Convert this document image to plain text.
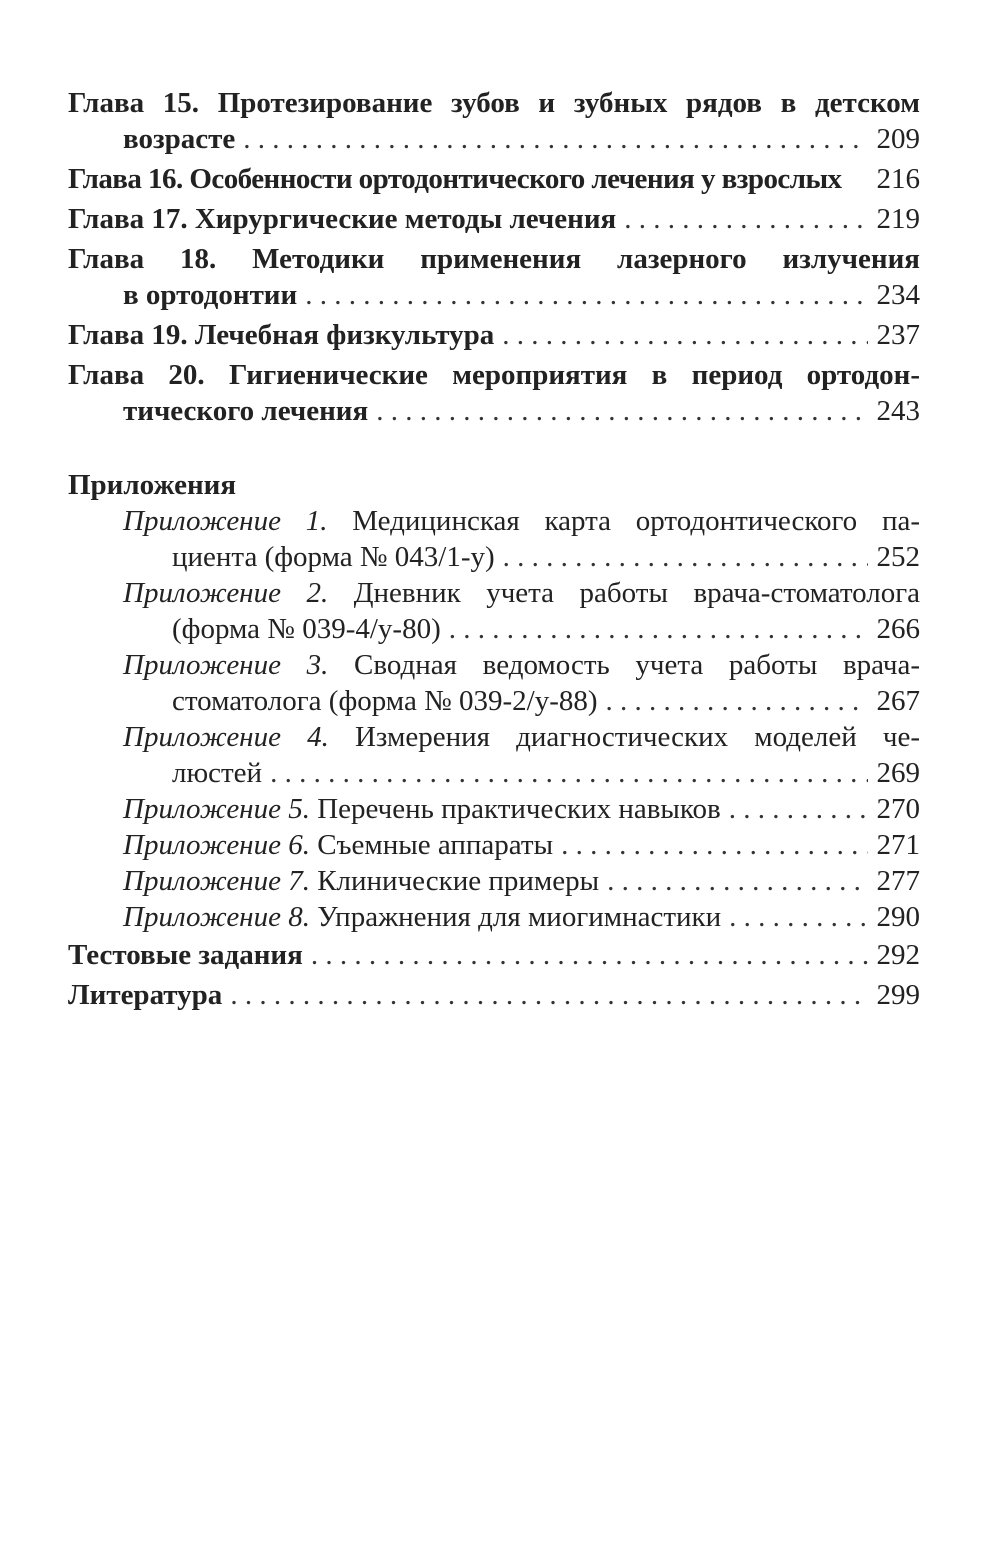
Глава 15. Протезирование зубов и зубных рядов в детском
возрасте . . .	209
Глава 16. Особенности ортодонтического лечения у взрослых 216
Глава 17. Хирургические методы лечения . . .	219
Глава 18. Методики применения лазерного излучения
в ортодонтии . . .	234
Глава 19. Лечебная физкультура . . .	237
Глава 20. Гигиенические мероприятия в период ортодон-
тического лечения . . .	243
Приложения
Приложение 1. Медицинская карта ортодонтического па-
циента (форма № 043/1-у) . . .	252
Приложение 2. Дневник учета работы врача-стоматолога
(форма № 039-4/у-80) . . .	266
Приложение 3. Сводная ведомость учета работы врача-
стоматолога (форма № 039-2/у-88) . . .	267
Приложение 4. Измерения диагностических моделей че-
люстей . . .	269
Приложение 5. Перечень практических навыков . . .	270
Приложение 6. Съемные аппараты . . .	271
Приложение 7. Клинические примеры . . .	277
Приложение 8. Упражнения для миогимнастики . . .	290
Тестовые задания . . .	292
Литература . . .	299
